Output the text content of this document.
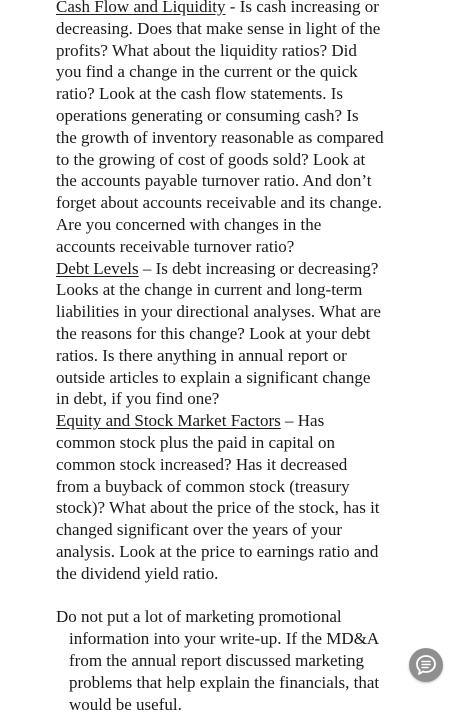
Cash Flow and Liquidity - Is cash increasing or
decreasing. Does that make sense in light of the
profits? What about the liquidity ratios? Did
you find a change in the current or the quick
ratio? Look at the cash flow statements. Is
operations generating or consuming cash? Is
the growth of inventory reasonable as compared
to the growing of cost of goods sold? Look at
the accounts payable turnover ratio. And don’t
forget about accounts receivable and its change.
Are you concerned with changes in the
accounts receivable turnover ratio?
Debt Levels – Is debt increasing or decreasing?
Looks at the change in current and long-term
liabilities in your directional analyses. What are
the reasons for this change? Look at your debt
ratios. Is there anything in annual report or
outside articles to explain a significant change
in debt, if you find one?
Equity and Stock Market Factors – Has
common stock plus the paid in capital on
common stock increased? Has it decreased
from a buyback of common stock (treasury
stock)? What about the price of the stock, has it
changed significant over the years of your
analysis. Look at the price to earnings ratio and
the dividend yield ratio.
Do not put a lot of marketing promotional
information into your write-up. If the MD&A
from the annual report discussed marketing
problems that help explain the financials, that
would be useful.
